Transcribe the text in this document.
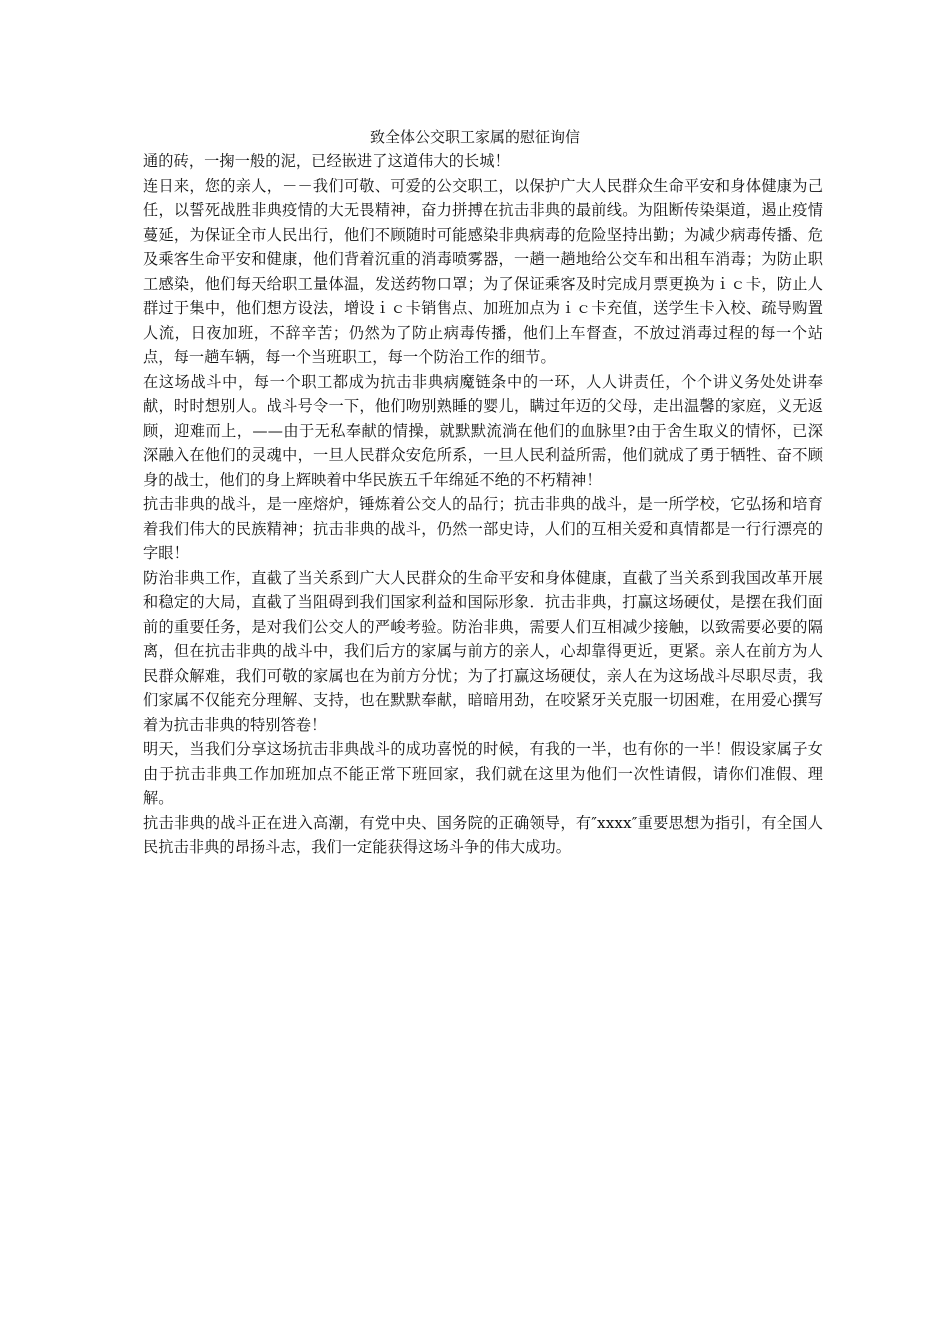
致全体公交职工家属的慰征询信

通的砖，一掬一般的泥，已经嵌进了这道伟大的长城！

连日来，您的亲人，－－我们可敬、可爱的公交职工，以保护广大人民群众生命平安和身体健康为己任，以誓死战胜非典疫情的大无畏精神，奋力拼搏在抗击非典的最前线。为阻断传染渠道，遏止疫情蔓延，为保证全市人民出行，他们不顾随时可能感染非典病毒的危险坚持出勤；为减少病毒传播、危及乘客生命平安和健康，他们背着沉重的消毒喷雾器，一趟一趟地给公交车和出租车消毒；为防止职工感染，他们每天给职工量体温，发送药物口罩；为了保证乘客及时完成月票更换为ｉｃ卡，防止人群过于集中，他们想方设法，增设ｉｃ卡销售点、加班加点为ｉｃ卡充值，送学生卡入校、疏导购置人流，日夜加班，不辞辛苦；仍然为了防止病毒传播，他们上车督查，不放过消毒过程的每一个站点，每一趟车辆，每一个当班职工，每一个防治工作的细节。

在这场战斗中，每一个职工都成为抗击非典病魔链条中的一环，人人讲责任，个个讲义务处处讲奉献，时时想别人。战斗号令一下，他们吻别熟睡的婴儿，瞒过年迈的父母，走出温馨的家庭，义无返顾，迎难而上，——由于无私奉献的情操，就默默流淌在他们的血脉里?由于舍生取义的情怀，已深深融入在他们的灵魂中，一旦人民群众安危所系，一旦人民利益所需，他们就成了勇于牺牲、奋不顾身的战士，他们的身上辉映着中华民族五千年绵延不绝的不朽精神！

抗击非典的战斗，是一座熔炉，锤炼着公交人的品行；抗击非典的战斗，是一所学校，它弘扬和培育着我们伟大的民族精神；抗击非典的战斗，仍然一部史诗，人们的互相关爱和真情都是一行行漂亮的字眼！

防治非典工作，直截了当关系到广大人民群众的生命平安和身体健康，直截了当关系到我国改革开展和稳定的大局，直截了当阻碍到我们国家利益和国际形象．抗击非典，打赢这场硬仗，是摆在我们面前的重要任务，是对我们公交人的严峻考验。防治非典，需要人们互相减少接触，以致需要必要的隔离，但在抗击非典的战斗中，我们后方的家属与前方的亲人，心却靠得更近，更紧。亲人在前方为人民群众解难，我们可敬的家属也在为前方分忧；为了打赢这场硬仗，亲人在为这场战斗尽职尽责，我们家属不仅能充分理解、支持，也在默默奉献，暗暗用劲，在咬紧牙关克服一切困难，在用爱心撰写着为抗击非典的特别答卷！

明天，当我们分享这场抗击非典战斗的成功喜悦的时候，有我的一半，也有你的一半！假设家属子女由于抗击非典工作加班加点不能正常下班回家，我们就在这里为他们一次性请假，请你们准假、理解。

抗击非典的战斗正在进入高潮，有党中央、国务院的正确领导，有″xxxx″重要思想为指引，有全国人民抗击非典的昂扬斗志，我们一定能获得这场斗争的伟大成功。
